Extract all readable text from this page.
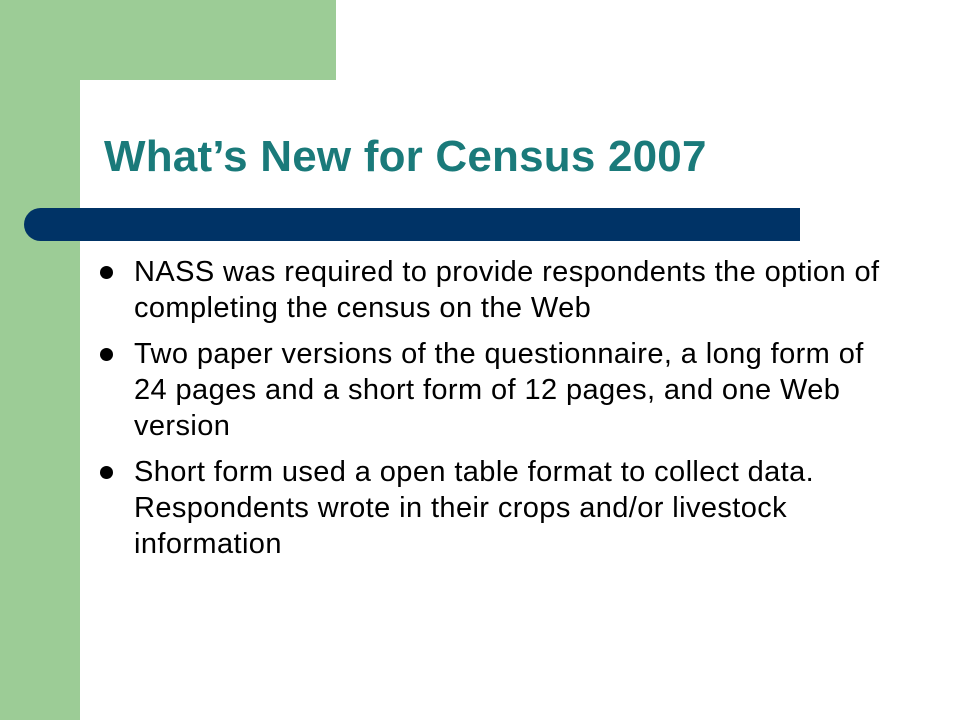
What’s New for Census 2007
NASS was required to provide respondents the option of completing the census on the Web
Two paper versions of the questionnaire, a long form of 24 pages and a short form of 12 pages, and one Web version
Short form used a open table format to collect data. Respondents wrote in their crops and/or livestock information
